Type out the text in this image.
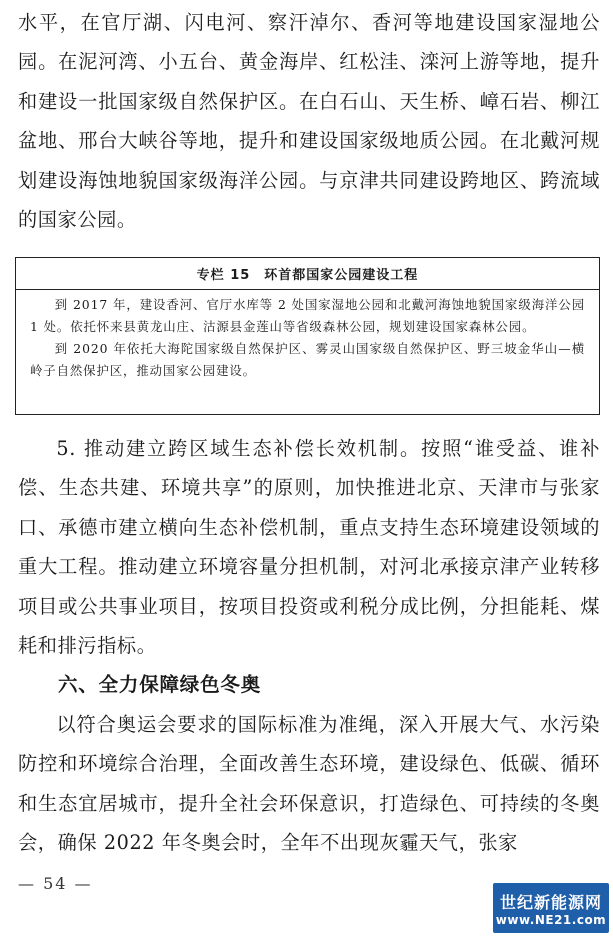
水平，在官厅湖、闪电河、察汗淖尔、香河等地建设国家湿地公园。在泥河湾、小五台、黄金海岸、红松洼、滦河上游等地，提升和建设一批国家级自然保护区。在白石山、天生桥、嶂石岩、柳江盆地、邢台大峡谷等地，提升和建设国家级地质公园。在北戴河规划建设海蚀地貌国家级海洋公园。与京津共同建设跨地区、跨流域的国家公园。

专栏 15 环首都国家公园建设工程

到 2017 年，建设香河、官厅水库等 2 处国家湿地公园和北戴河海蚀地貌国家级海洋公园 1 处。依托怀来县黄龙山庄、沽源县金莲山等省级森林公园，规划建设国家森林公园。

到 2020 年依托大海陀国家级自然保护区、雾灵山国家级自然保护区、野三坡金华山—横岭子自然保护区，推动国家公园建设。

5. 推动建立跨区域生态补偿长效机制。按照“谁受益、谁补偿、生态共建、环境共享”的原则，加快推进北京、天津市与张家口、承德市建立横向生态补偿机制，重点支持生态环境建设领域的重大工程。推动建立环境容量分担机制，对河北承接京津产业转移项目或公共事业项目，按项目投资或利税分成比例，分担能耗、煤耗和排污指标。

六、全力保障绿色冬奥

以符合奥运会要求的国际标准为准绳，深入开展大气、水污染防控和环境综合治理，全面改善生态环境，建设绿色、低碳、循环和生态宜居城市，提升全社会环保意识，打造绿色、可持续的冬奥会，确保 2022 年冬奥会时，全年不出现灰霾天气，张家

— 54 —
世纪新能源网
www.NE21.com
